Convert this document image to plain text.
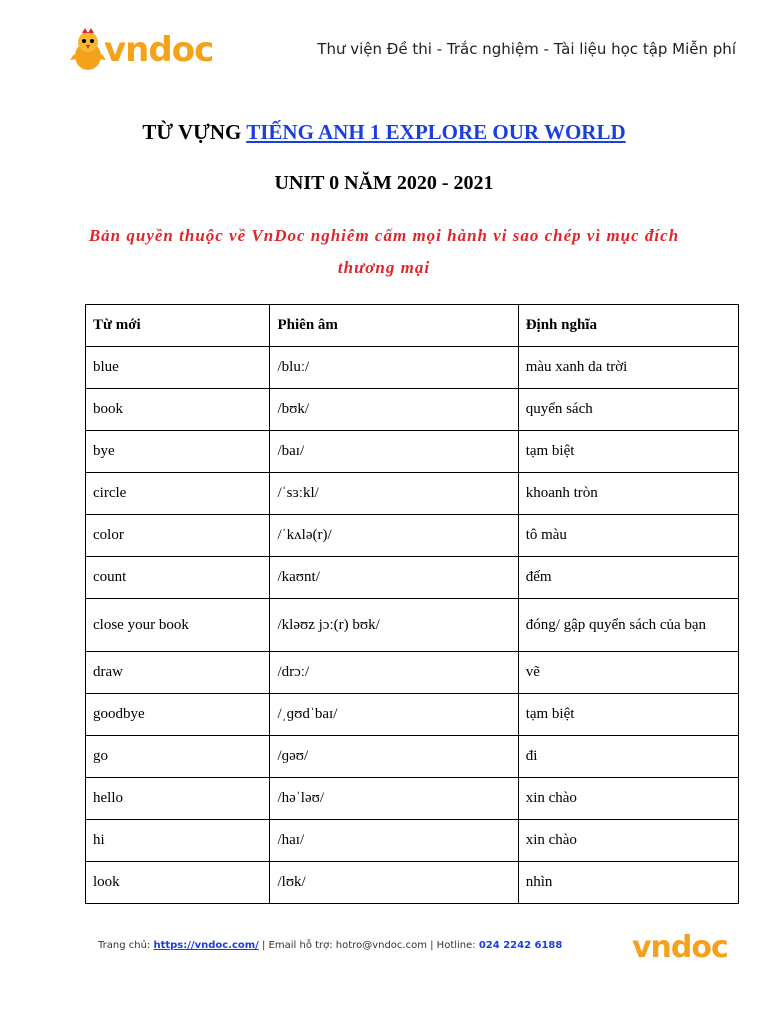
vndoc	Thư viện Đề thi - Trắc nghiệm - Tài liệu học tập Miễn phí
TỪ VỰNG TIẾNG ANH 1 EXPLORE OUR WORLD
UNIT 0 NĂM 2020 - 2021
Bản quyền thuộc về VnDoc nghiêm cấm mọi hành vi sao chép vì mục đích thương mại
Từ mới	Phiên âm	Định nghĩa
blue	/bluː/	màu xanh da trời
book	/bʊk/	quyển sách
bye	/baɪ/	tạm biệt
circle	/ˈsɜːkl/	khoanh tròn
color	/ˈkʌlə(r)/	tô màu
count	/kaʊnt/	đếm
close your book	/kləʊz jɔː(r) bʊk/	đóng/ gập quyển sách của bạn
draw	/drɔː/	vẽ
goodbye	/ˌɡʊdˈbaɪ/	tạm biệt
go	/ɡəʊ/	đi
hello	/həˈləʊ/	xin chào
hi	/haɪ/	xin chào
look	/lʊk/	nhìn
Trang chủ: https://vndoc.com/ | Email hỗ trợ: hotro@vndoc.com | Hotline: 024 2242 6188 vndoc
